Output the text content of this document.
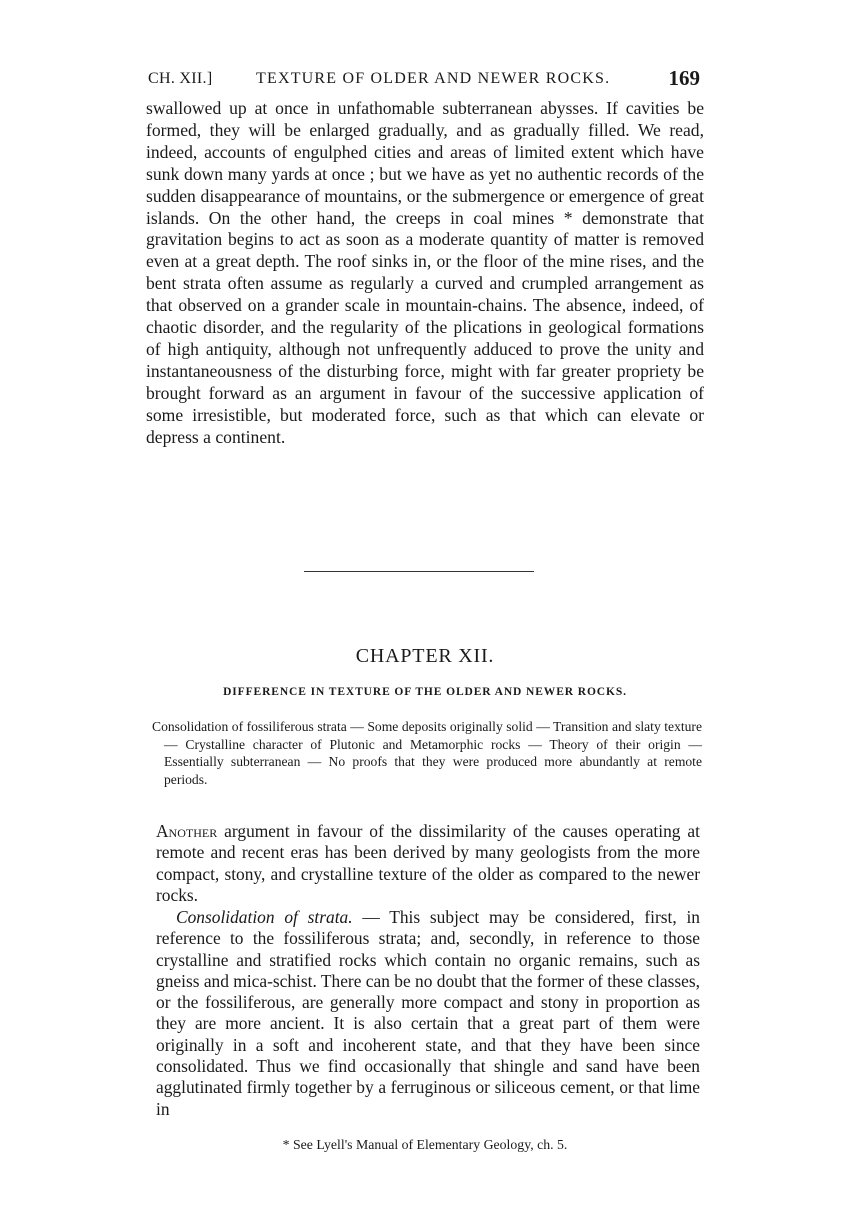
CH. XII.]	TEXTURE OF OLDER AND NEWER ROCKS.	169

swallowed up at once in unfathomable subterranean abysses. If cavities be formed, they will be enlarged gradually, and as gradually filled. We read, indeed, accounts of engulphed cities and areas of limited extent which have sunk down many yards at once ; but we have as yet no authentic records of the sudden disappearance of mountains, or the submergence or emergence of great islands. On the other hand, the creeps in coal mines * demonstrate that gravitation begins to act as soon as a moderate quantity of matter is removed even at a great depth. The roof sinks in, or the floor of the mine rises, and the bent strata often assume as regularly a curved and crumpled arrangement as that observed on a grander scale in mountain-chains. The absence, indeed, of chaotic disorder, and the regularity of the plications in geological formations of high antiquity, although not unfrequently adduced to prove the unity and instantaneousness of the disturbing force, might with far greater propriety be brought forward as an argument in favour of the successive application of some irresistible, but moderated force, such as that which can elevate or depress a continent.

CHAPTER XII.
DIFFERENCE IN TEXTURE OF THE OLDER AND NEWER ROCKS.

Consolidation of fossiliferous strata — Some deposits originally solid — Transition and slaty texture — Crystalline character of Plutonic and Metamorphic rocks — Theory of their origin — Essentially subterranean — No proofs that they were produced more abundantly at remote periods.

Another argument in favour of the dissimilarity of the causes operating at remote and recent eras has been derived by many geologists from the more compact, stony, and crystalline texture of the older as compared to the newer rocks.

Consolidation of strata. — This subject may be considered, first, in reference to the fossiliferous strata; and, secondly, in reference to those crystalline and stratified rocks which contain no organic remains, such as gneiss and mica-schist. There can be no doubt that the former of these classes, or the fossiliferous, are generally more compact and stony in proportion as they are more ancient. It is also certain that a great part of them were originally in a soft and incoherent state, and that they have been since consolidated. Thus we find occasionally that shingle and sand have been agglutinated firmly together by a ferruginous or siliceous cement, or that lime in

* See Lyell's Manual of Elementary Geology, ch. 5.
